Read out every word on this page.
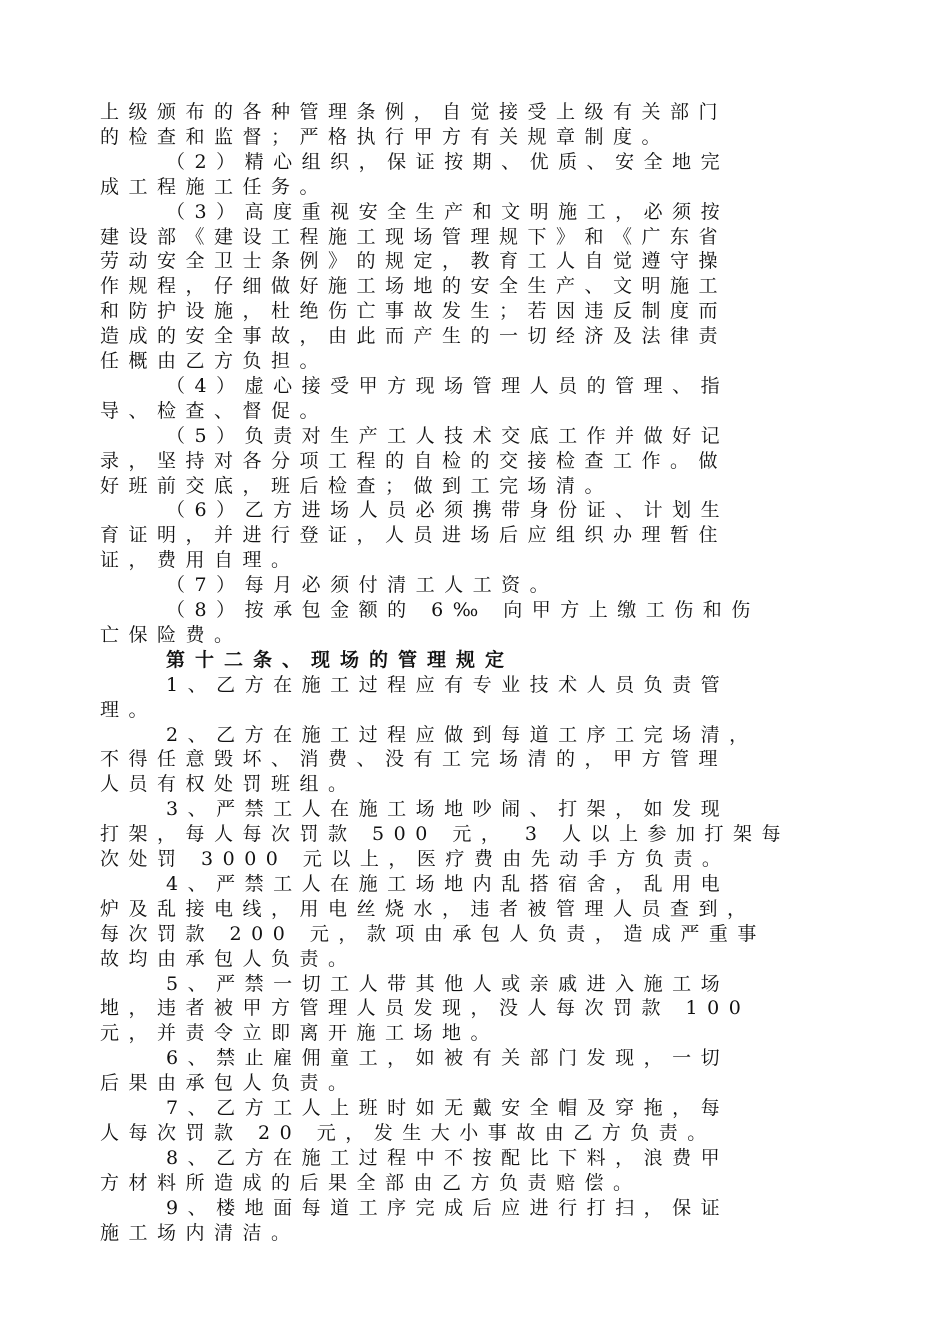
上级颁布的各种管理条例，自觉接受上级有关部门
的检查和监督；严格执行甲方有关规章制度。
（2）精心组织，保证按期、优质、安全地完
成工程施工任务。
（3）高度重视安全生产和文明施工，必须按
建设部《建设工程施工现场管理规下》和《广东省
劳动安全卫士条例》的规定，教育工人自觉遵守操
作规程，仔细做好施工场地的安全生产、文明施工
和防护设施，杜绝伤亡事故发生；若因违反制度而
造成的安全事故，由此而产生的一切经济及法律责
任概由乙方负担。
（4）虚心接受甲方现场管理人员的管理、指
导、检查、督促。
（5）负责对生产工人技术交底工作并做好记
录，坚持对各分项工程的自检的交接检查工作。做
好班前交底，班后检查；做到工完场清。
（6）乙方进场人员必须携带身份证、计划生
育证明，并进行登证，人员进场后应组织办理暂住
证，费用自理。
（7）每月必须付清工人工资。
（8）按承包金额的 6‰ 向甲方上缴工伤和伤
亡保险费。
第十二条、现场的管理规定
1、乙方在施工过程应有专业技术人员负责管
理。
2、乙方在施工过程应做到每道工序工完场清，
不得任意毁坏、消费、没有工完场清的，甲方管理
人员有权处罚班组。
3、严禁工人在施工场地吵闹、打架，如发现
打架，每人每次罚款 500 元， 3 人以上参加打架每
次处罚 3000 元以上，医疗费由先动手方负责。
4、严禁工人在施工场地内乱搭宿舍，乱用电
炉及乱接电线，用电丝烧水，违者被管理人员查到，
每次罚款 200 元，款项由承包人负责，造成严重事
故均由承包人负责。
5、严禁一切工人带其他人或亲戚进入施工场
地，违者被甲方管理人员发现，没人每次罚款 100
元，并责令立即离开施工场地。
6、禁止雇佣童工，如被有关部门发现，一切
后果由承包人负责。
7、乙方工人上班时如无戴安全帽及穿拖，每
人每次罚款 20 元，发生大小事故由乙方负责。
8、乙方在施工过程中不按配比下料，浪费甲
方材料所造成的后果全部由乙方负责赔偿。
9、楼地面每道工序完成后应进行打扫，保证
施工场内清洁。
